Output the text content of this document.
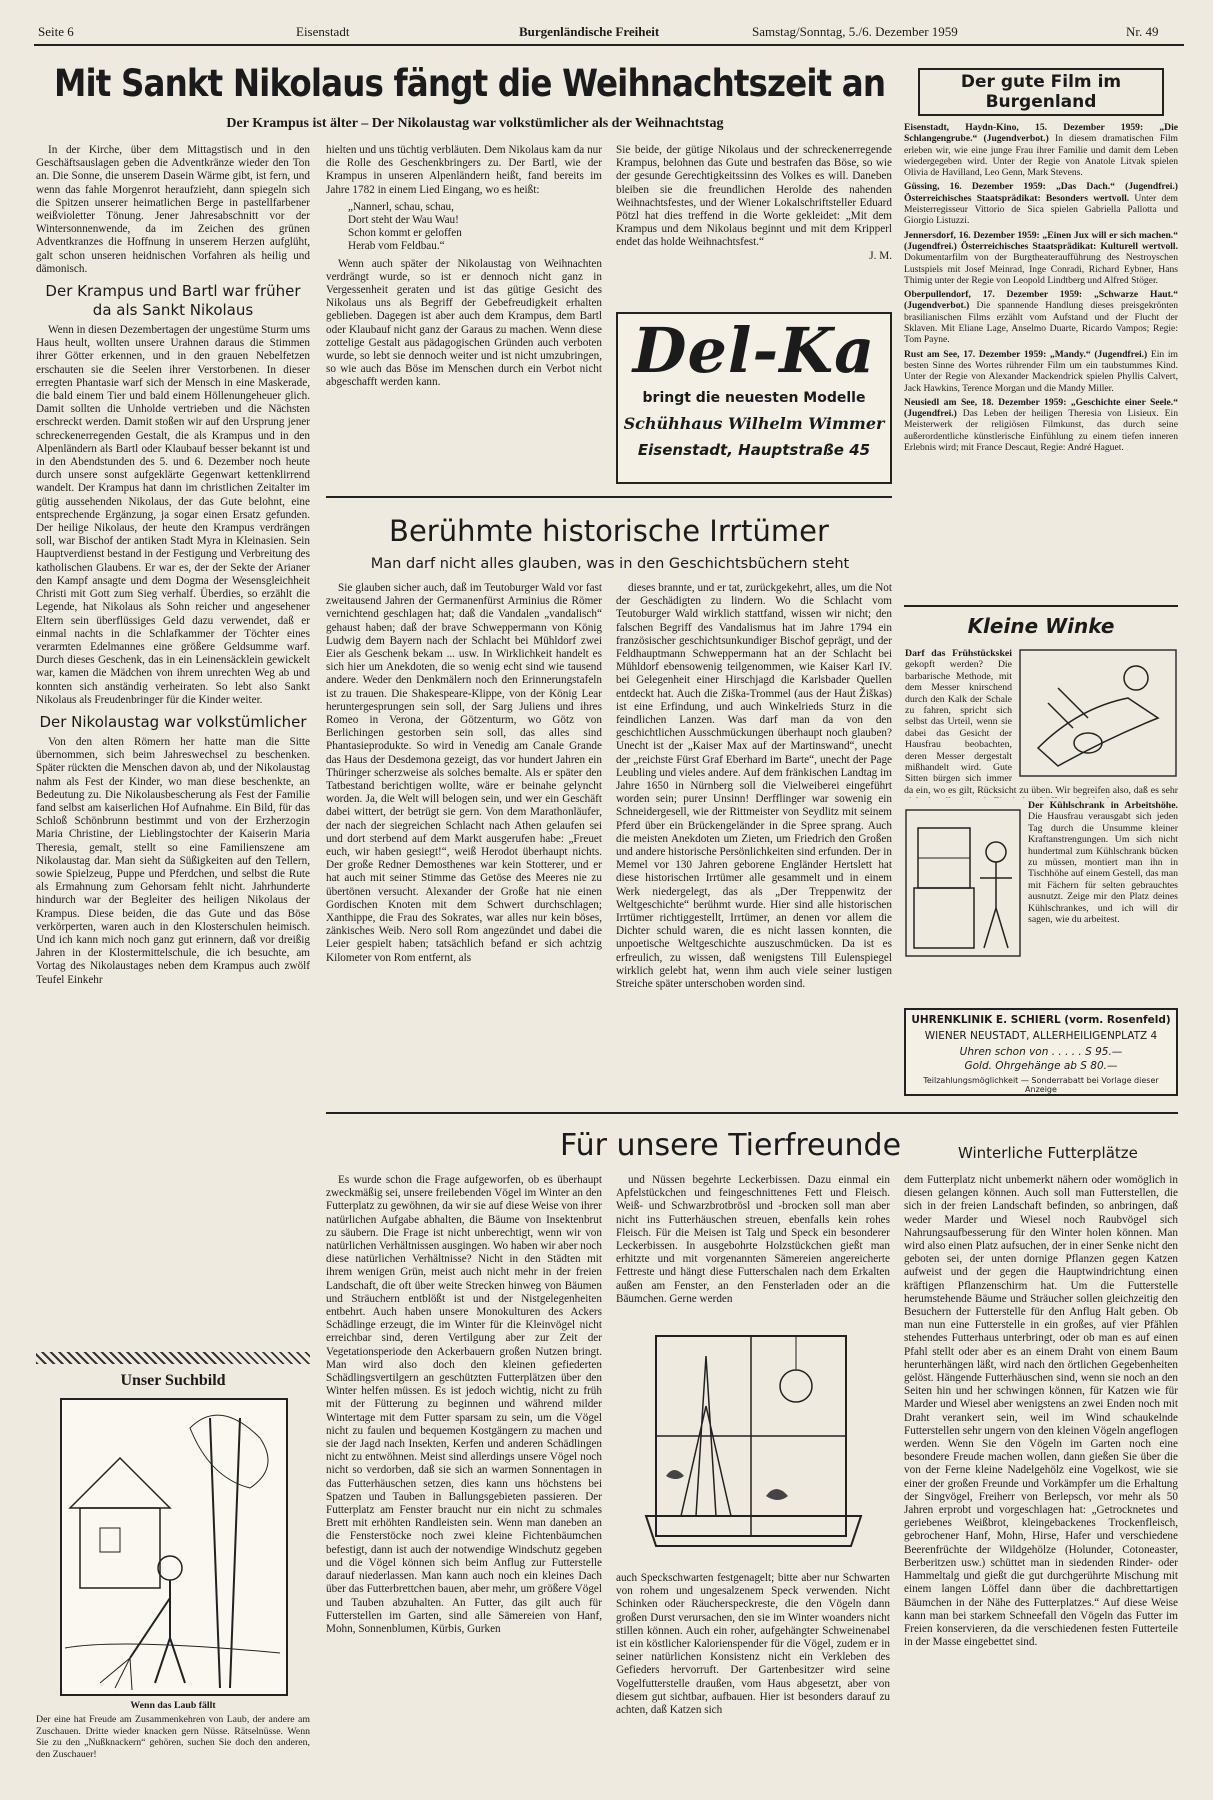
Seite 6	Eisenstadt	Burgenländische Freiheit	Samstag/Sonntag, 5./6. Dezember 1959	Nr. 49
Mit Sankt Nikolaus fängt die Weihnachtszeit an
Der Krampus ist älter – Der Nikolaustag war volkstümlicher als der Weihnachtstag

In der Kirche, über dem Mittagstisch und in den Geschäftsauslagen geben die Adventkränze wieder den Ton an. Die Sonne, die unserem Dasein Wärme gibt, ist fern, und wenn das fahle Morgenrot heraufzieht, dann spiegeln sich die Spitzen unserer heimatlichen Berge in pastellfarbener weißvioletter Tönung. Jener Jahresabschnitt vor der Wintersonnenwende, da im Zeichen des grünen Adventkranzes die Hoffnung in unserem Herzen aufglüht, galt schon unseren heidnischen Vorfahren als heilig und dämonisch.

Der Krampus und Bartl war früher da als Sankt Nikolaus

Wenn in diesen Dezembertagen der ungestüme Sturm ums Haus heult, wollten unsere Urahnen daraus die Stimmen ihrer Götter erkennen, und in den grauen Nebelfetzen erschauten sie die Seelen ihrer Verstorbenen. In dieser erregten Phantasie warf sich der Mensch in eine Maskerade, die bald einem Tier und bald einem Höllenungeheuer glich. Damit sollten die Unholde vertrieben und die Nächsten erschreckt werden. Damit stoßen wir auf den Ursprung jener schreckenerregenden Gestalt, die als Krampus und in den Alpenländern als Bartl oder Klaubauf besser bekannt ist und in den Abendstunden des 5. und 6. Dezember noch heute durch unsere sonst aufgeklärte Gegenwart kettenklirrend wandelt. Der Krampus hat dann im christlichen Zeitalter im gütig aussehenden Nikolaus, der das Gute belohnt, eine entsprechende Ergänzung, ja sogar einen Ersatz gefunden. Der heilige Nikolaus, der heute den Krampus verdrängen soll, war Bischof der antiken Stadt Myra in Kleinasien. Sein Hauptverdienst bestand in der Festigung und Verbreitung des katholischen Glaubens. Er war es, der der Sekte der Arianer den Kampf ansagte und dem Dogma der Wesensgleichheit Christi mit Gott zum Sieg verhalf. Überdies, so erzählt die Legende, hat Nikolaus als Sohn reicher und angesehener Eltern sein überflüssiges Geld dazu verwendet, daß er einmal nachts in die Schlafkammer der Töchter eines verarmten Edelmannes eine größere Geldsumme warf. Durch dieses Geschenk, das in ein Leinensäcklein gewickelt war, kamen die Mädchen von ihrem unrechten Weg ab und konnten sich anständig verheiraten. So lebt also Sankt Nikolaus als Freudenbringer für die Kinder weiter.

Der Nikolaustag war volkstümlicher

Von den alten Römern her hatte man die Sitte übernommen, sich beim Jahreswechsel zu beschenken. Später rückten die Menschen davon ab, und der Nikolaustag nahm als Fest der Kinder, wo man diese beschenkte, an Bedeutung zu. Die Nikolausbescherung als Fest der Familie fand selbst am kaiserlichen Hof Aufnahme. Ein Bild, für das Schloß Schönbrunn bestimmt und von der Erzherzogin Maria Christine, der Lieblingstochter der Kaiserin Maria Theresia, gemalt, stellt so eine Familienszene am Nikolaustag dar. Man sieht da Süßigkeiten auf den Tellern, sowie Spielzeug, Puppe und Pferdchen, und selbst die Rute als Ermahnung zum Gehorsam fehlt nicht. Jahrhunderte hindurch war der Begleiter des heiligen Nikolaus der Krampus. Diese beiden, die das Gute und das Böse verkörperten, waren auch in den Klosterschulen heimisch. Und ich kann mich noch ganz gut erinnern, daß vor dreißig Jahren in der Klostermittelschule, die ich besuchte, am Vortag des Nikolaustages neben dem Krampus auch zwölf Teufel Einkehr

hielten und uns tüchtig verbläuten. Dem Nikolaus kam da nur die Rolle des Geschenkbringers zu. Der Bartl, wie der Krampus in unseren Alpenländern heißt, fand bereits im Jahre 1782 in einem Lied Eingang, wo es heißt:

„Nannerl, schau, schau,
Dort steht der Wau Wau!
Schon kommt er geloffen
Herab vom Feldbau.“

Wenn auch später der Nikolaustag von Weihnachten verdrängt wurde, so ist er dennoch nicht ganz in Vergessenheit geraten und ist das gütige Gesicht des Nikolaus uns als Begriff der Gebefreudigkeit erhalten geblieben. Dagegen ist aber auch dem Krampus, dem Bartl oder Klaubauf nicht ganz der Garaus zu machen. Wenn diese zottelige Gestalt aus pädagogischen Gründen auch verboten wurde, so lebt sie dennoch weiter und ist nicht umzubringen, so wie auch das Böse im Menschen durch ein Verbot nicht abgeschafft werden kann.

Sie beide, der gütige Nikolaus und der schreckenerregende Krampus, belohnen das Gute und bestrafen das Böse, so wie der gesunde Gerechtigkeitssinn des Volkes es will. Daneben bleiben sie die freundlichen Herolde des nahenden Weihnachtsfestes, und der Wiener Lokalschriftsteller Eduard Pötzl hat dies treffend in die Worte gekleidet: „Mit dem Krampus und dem Nikolaus beginnt und mit dem Kripperl endet das holde Weihnachtsfest.“

J. M.
Del-Ka
bringt die neuesten Modelle
Schühhaus Wilhelm Wimmer
Eisenstadt, Hauptstraße 45
Der gute Film im Burgenland

Eisenstadt, Haydn-Kino, 15. Dezember 1959: „Die Schlangengrube.“ (Jugendverbot.) In diesem dramatischen Film erleben wir, wie eine junge Frau ihrer Familie und damit dem Leben wiedergegeben wird. Unter der Regie von Anatole Litvak spielen Olivia de Havilland, Leo Genn, Mark Stevens.

Güssing, 16. Dezember 1959: „Das Dach.“ (Jugendfrei.) Österreichisches Staatsprädikat: Besonders wertvoll. Unter dem Meisterregisseur Vittorio de Sica spielen Gabriella Pallotta und Giorgio Listuzzi.

Jennersdorf, 16. Dezember 1959: „Einen Jux will er sich machen.“ (Jugendfrei.) Österreichisches Staatsprädikat: Kulturell wertvoll. Dokumentarfilm von der Burgtheateraufführung des Nestroyschen Lustspiels mit Josef Meinrad, Inge Conradi, Richard Eybner, Hans Thimig unter der Regie von Leopold Lindtberg und Alfred Stöger.

Oberpullendorf, 17. Dezember 1959: „Schwarze Haut.“ (Jugendverbot.) Die spannende Handlung dieses preisgekrönten brasilianischen Films erzählt vom Aufstand und der Flucht der Sklaven. Mit Eliane Lage, Anselmo Duarte, Ricardo Vampos; Regie: Tom Payne.

Rust am See, 17. Dezember 1959: „Mandy.“ (Jugendfrei.) Ein im besten Sinne des Wortes rührender Film um ein taubstummes Kind. Unter der Regie von Alexander Mackendrick spielen Phyllis Calvert, Jack Hawkins, Terence Morgan und die Mandy Miller.

Neusiedl am See, 18. Dezember 1959: „Geschichte einer Seele.“ (Jugendfrei.) Das Leben der heiligen Theresia von Lisieux. Ein Meisterwerk der religiösen Filmkunst, das durch seine außerordentliche künstlerische Einfühlung zu einem tiefen inneren Erlebnis wird; mit France Descaut, Regie: André Haguet.

Kleine Winke
Darf das Frühstückskei gekopft werden? Die barbarische Methode, mit dem Messer knirschend durch den Kalk der Schale zu fahren, spricht sich selbst das Urteil, wenn sie dabei das Gesicht der Hausfrau beobachten, deren Messer dergestalt mißhandelt wird. Gute Sitten bürgen sich immer da ein, wo es gilt, Rücksicht zu üben. Wir begreifen also, daß es sehr
Der Kühlschrank in Arbeitshöhe. Die Hausfrau verausgabt sich jeden Tag durch die Unsumme kleiner Kraftanstrengungen. Um sich nicht hundertmal zum Kühlschrank bücken zu müssen, montiert man ihn in Tischhöhe auf einem Gestell, das man mit Fächern für selten gebrauchtes ausnutzt. Zeige mir den Platz deines Kühlschrankes, und ich will dir sagen, wie du arbeitest.
UHRENKLINIK E. SCHIERL (vorm. Rosenfeld)
WIENER NEUSTADT, ALLERHEILIGENPLATZ 4
Uhren schon von . . . . . S 95.—
Gold. Ohrgehänge ab S 80.—
Teilzahlungsmöglichkeit — Sonderrabatt bei Vorlage dieser Anzeige
Berühmte historische Irrtümer
Man darf nicht alles glauben, was in den Geschichtsbüchern steht

Sie glauben sicher auch, daß im Teutoburger Wald vor fast zweitausend Jahren der Germanenfürst Arminius die Römer vernichtend geschlagen hat; daß die Vandalen „vandalisch“ gehaust haben; daß der brave Schweppermann von König Ludwig dem Bayern nach der Schlacht bei Mühldorf zwei Eier als Geschenk bekam ... usw. In Wirklichkeit handelt es sich hier um Anekdoten, die so wenig echt sind wie tausend andere. Weder den Denkmälern noch den Erinnerungstafeln ist zu trauen. Die Shakespeare-Klippe, von der König Lear heruntergesprungen sein soll, der Sarg Juliens und ihres Romeo in Verona, der Götzenturm, wo Götz von Berlichingen gestorben sein soll, das alles sind Phantasieprodukte. So wird in Venedig am Canale Grande das Haus der Desdemona gezeigt, das vor hundert Jahren ein Thüringer scherzweise als solches bemalte. Als er später den Tatbestand berichtigen wollte, wäre er beinahe gelyncht worden. Ja, die Welt will belogen sein, und wer ein Geschäft dabei wittert, der betrügt sie gern. Von dem Marathonläufer, der nach der siegreichen Schlacht nach Athen gelaufen sei und dort sterbend auf dem Markt ausgerufen habe: „Freuet euch, wir haben gesiegt!“, weiß Herodot überhaupt nichts. Der große Redner Demosthenes war kein Stotterer, und er hat auch mit seiner Stimme das Getöse des Meeres nie zu übertönen versucht. Alexander der Große hat nie einen Gordischen Knoten mit dem Schwert durchschlagen; Xanthippe, die Frau des Sokrates, war alles nur kein böses, zänkisches Weib. Nero soll Rom angezündet und dabei die Leier gespielt haben; tatsächlich befand er sich achtzig Kilometer von Rom entfernt, als

dieses brannte, und er tat, zurückgekehrt, alles, um die Not der Geschädigten zu lindern. Wo die Schlacht vom Teutoburger Wald wirklich stattfand, wissen wir nicht; den falschen Begriff des Vandalismus hat im Jahre 1794 ein französischer geschichtsunkundiger Bischof geprägt, und der Feldhauptmann Schweppermann hat an der Schlacht bei Mühldorf ebensowenig teilgenommen, wie Kaiser Karl IV. bei Gelegenheit einer Hirschjagd die Karlsbader Quellen entdeckt hat. Auch die Ziška-Trommel (aus der Haut Žiškas) ist eine Erfindung, und auch Winkelrieds Sturz in die feindlichen Lanzen. Was darf man da von den geschichtlichen Ausschmückungen überhaupt noch glauben? Unecht ist der „Kaiser Max auf der Martinswand“, unecht der „reichste Fürst Graf Eberhard im Barte“, unecht der Page Leubling und vieles andere. Auf dem fränkischen Landtag im Jahre 1650 in Nürnberg soll die Vielweiberei eingeführt worden sein; purer Unsinn! Derfflinger war sowenig ein Schneidergesell, wie der Rittmeister von Seydlitz mit seinem Pferd über ein Brückengeländer in die Spree sprang. Auch die meisten Anekdoten um Zieten, um Friedrich den Großen und andere historische Persönlichkeiten sind erfunden. Der in Memel vor 130 Jahren geborene Engländer Hertslett hat diese historischen Irrtümer alle gesammelt und in einem Werk niedergelegt, das als „Der Treppenwitz der Weltgeschichte“ berühmt wurde. Hier sind alle historischen Irrtümer richtiggestellt, Irrtümer, an denen vor allem die Dichter schuld waren, die es nicht lassen konnten, die unpoetische Weltgeschichte auszuschmücken. Da ist es erfreulich, zu wissen, daß wenigstens Till Eulenspiegel wirklich gelebt hat, wenn ihm auch viele seiner lustigen Streiche später unterschoben worden sind.

Unser Suchbild
Wenn das Laub fällt

Der eine hat Freude am Zusammenkehren von Laub, der andere am Zuschauen. Dritte wieder knacken gern Nüsse. Rätselnüsse. Wenn Sie zu den „Nußknackern“ gehören, suchen Sie doch den anderen, den Zuschauer!

Für unsere Tierfreunde	Winterliche Futterplätze

Es wurde schon die Frage aufgeworfen, ob es überhaupt zweckmäßig sei, unsere freilebenden Vögel im Winter an den Futterplatz zu gewöhnen, da wir sie auf diese Weise von ihrer natürlichen Aufgabe abhalten, die Bäume von Insektenbrut zu säubern. Die Frage ist nicht unberechtigt, wenn wir von natürlichen Verhältnissen ausgingen. Wo haben wir aber noch diese natürlichen Verhältnisse? Nicht in den Städten mit ihrem wenigen Grün, meist auch nicht mehr in der freien Landschaft, die oft über weite Strecken hinweg von Bäumen und Sträuchern entblößt ist und der Nistgelegenheiten entbehrt. Auch haben unsere Monokulturen des Ackers Schädlinge erzeugt, die im Winter für die Kleinvögel nicht erreichbar sind, deren Vertilgung aber zur Zeit der Vegetationsperiode den Ackerbauern großen Nutzen bringt. Man wird also doch den kleinen gefiederten Schädlingsvertilgern an geschützten Futterplätzen über den Winter helfen müssen. Es ist jedoch wichtig, nicht zu früh mit der Fütterung zu beginnen und während milder Wintertage mit dem Futter sparsam zu sein, um die Vögel nicht zu faulen und bequemen Kostgängern zu machen und sie der Jagd nach Insekten, Kerfen und anderen Schädlingen nicht zu entwöhnen. Meist sind allerdings unsere Vögel noch nicht so verdorben, daß sie sich an warmen Sonnentagen in das Futterhäuschen setzen, dies kann uns höchstens bei Spatzen und Tauben in Ballungsgebieten passieren. Der Futterplatz am Fenster braucht nur ein nicht zu schmales Brett mit erhöhten Randleisten sein. Wenn man daneben an die Fensterstöcke noch zwei kleine Fichtenbäumchen befestigt, dann ist auch der notwendige Windschutz gegeben und die Vögel können sich beim Anflug zur Futterstelle darauf niederlassen. Man kann auch noch ein kleines Dach über das Futterbrettchen bauen, aber mehr, um größere Vögel und Tauben abzuhalten. An Futter, das gilt auch für Futterstellen im Garten, sind alle Sämereien von Hanf, Mohn, Sonnenblumen, Kürbis, Gurken

und Nüssen begehrte Leckerbissen. Dazu einmal ein Apfelstückchen und feingeschnittenes Fett und Fleisch. Weiß- und Schwarzbrotbrösl und -brocken soll man aber nicht ins Futterhäuschen streuen, ebenfalls kein rohes Fleisch. Für die Meisen ist Talg und Speck ein besonderer Leckerbissen. In ausgebohrte Holzstückchen gießt man erhitzte und mit vorgenannten Sämereien angereicherte Fettreste und hängt diese Futterschalen nach dem Erkalten außen am Fenster, an den Fensterladen oder an die Bäumchen. Gerne werden

auch Speckschwarten festgenagelt; bitte aber nur Schwarten von rohem und ungesalzenem Speck verwenden. Nicht Schinken oder Räucherspeckreste, die den Vögeln dann großen Durst verursachen, den sie im Winter woanders nicht stillen können. Auch ein roher, aufgehängter Schweinenabel ist ein köstlicher Kalorienspender für die Vögel, zudem er in seiner natürlichen Konsistenz nicht ein Verkleben des Gefieders hervorruft. Der Gartenbesitzer wird seine Vogelfutterstelle draußen, vom Haus abgesetzt, aber von diesem gut sichtbar, aufbauen. Hier ist besonders darauf zu achten, daß Katzen sich

dem Futterplatz nicht unbemerkt nähern oder womöglich in diesen gelangen können. Auch soll man Futterstellen, die sich in der freien Landschaft befinden, so anbringen, daß weder Marder und Wiesel noch Raubvögel sich Nahrungsaufbesserung für den Winter holen können. Man wird also einen Platz aufsuchen, der in einer Senke nicht den geboten sei, der unten dornige Pflanzen gegen Katzen aufweist und der gegen die Hauptwindrichtung einen kräftigen Pflanzenschirm hat. Um die Futterstelle herumstehende Bäume und Sträucher sollen gleichzeitig den Besuchern der Futterstelle für den Anflug Halt geben. Ob man nun eine Futterstelle in ein großes, auf vier Pfählen stehendes Futterhaus unterbringt, oder ob man es auf einen Pfahl stellt oder aber es an einem Draht von einem Baum herunterhängen läßt, wird nach den örtlichen Gegebenheiten gelöst. Hängende Futterhäuschen sind, wenn sie noch an den Seiten hin und her schwingen können, für Katzen wie für Marder und Wiesel aber wenigstens an zwei Enden noch mit Draht verankert sein, weil im Wind schaukelnde Futterstellen sehr ungern von den kleinen Vögeln angeflogen werden. Wenn Sie den Vögeln im Garten noch eine besondere Freude machen wollen, dann gießen Sie über die von der Ferne kleine Nadelgehölz eine Vogelkost, wie sie einer der großen Freunde und Vorkämpfer um die Erhaltung der Singvögel, Freiherr von Berlepsch, vor mehr als 50 Jahren erprobt und vorgeschlagen hat: „Getrocknetes und geriebenes Weißbrot, kleingebackenes Trockenfleisch, gebrochener Hanf, Mohn, Hirse, Hafer und verschiedene Beerenfrüchte der Wildgehölze (Holunder, Cotoneaster, Berberitzen usw.) schüttet man in siedenden Rinder- oder Hammeltalg und gießt die gut durchgerührte Mischung mit einem langen Löffel dann über die dachbrettartigen Bäumchen in der Nähe des Futterplatzes.“ Auf diese Weise kann man bei starkem Schneefall den Vögeln das Futter im Freien konservieren, da die verschiedenen festen Futterteile in der Masse eingebettet sind.
